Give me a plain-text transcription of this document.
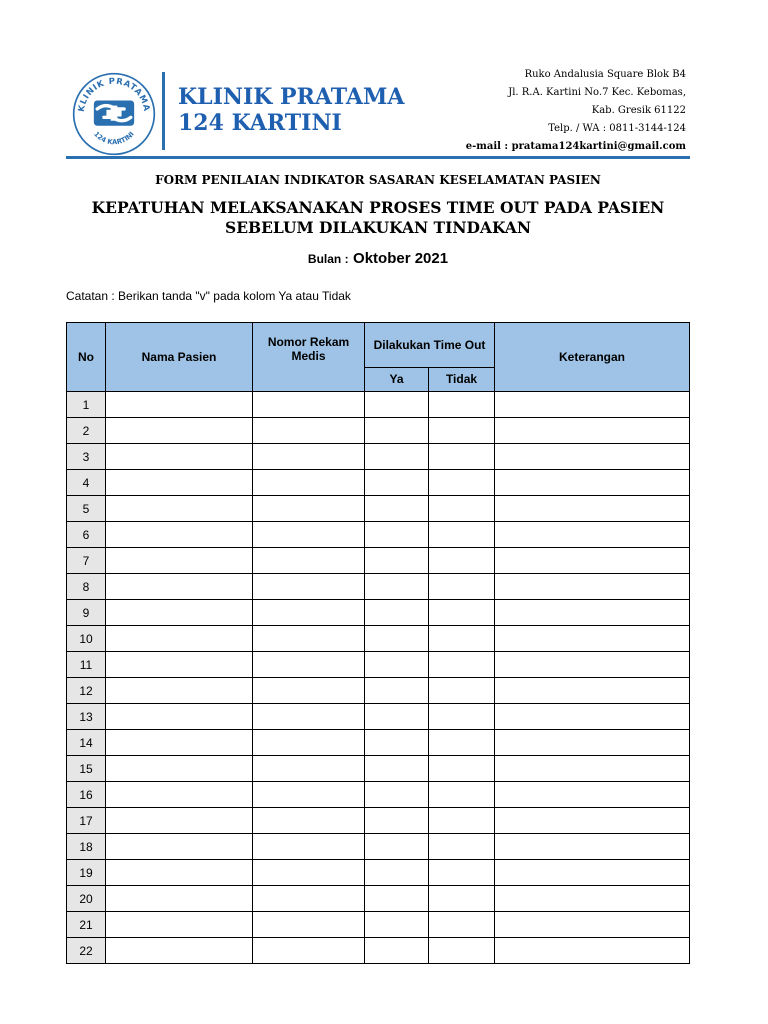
KLINIK PRATAMA
124 KARTINI
KLINIK PRATAMA
124 KARTINI
Ruko Andalusia Square Blok B4
Jl. R.A. Kartini No.7 Kec. Kebomas,
Kab. Gresik 61122
Telp. / WA : 0811-3144-124
e-mail : pratama124kartini@gmail.com
FORM PENILAIAN INDIKATOR SASARAN KESELAMATAN PASIEN
KEPATUHAN MELAKSANAKAN PROSES TIME OUT PADA PASIEN
SEBELUM DILAKUKAN TINDAKAN
Bulan : Oktober 2021
Catatan : Berikan tanda "v" pada kolom Ya atau Tidak
No	Nama Pasien	Nomor Rekam Medis	Dilakukan Time Out		Keterangan
			Ya	Tidak	
1					
2					
3					
4					
5					
6					
7					
8					
9					
10					
11					
12					
13					
14					
15					
16					
17					
18					
19					
20					
21					
22					
